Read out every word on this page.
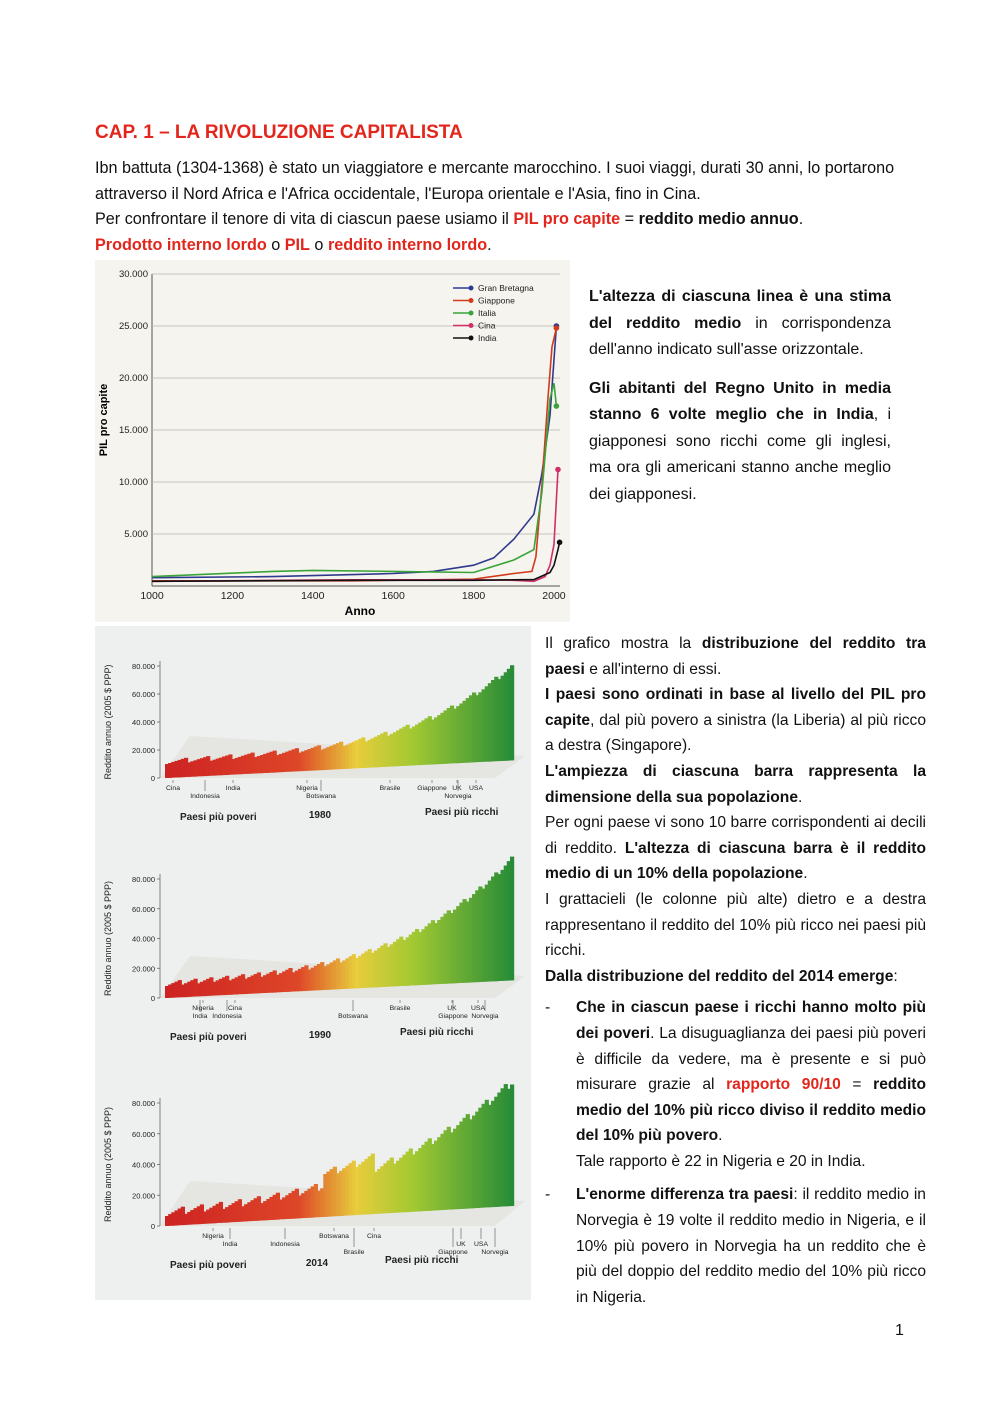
CAP. 1 – LA RIVOLUZIONE CAPITALISTA
Ibn battuta (1304-1368) è stato un viaggiatore e mercante marocchino. I suoi viaggi, durati 30 anni, lo portarono attraverso il Nord Africa e l'Africa occidentale, l'Europa orientale e l'Asia, fino in Cina.
Per confrontare il tenore di vita di ciascun paese usiamo il PIL pro capite = reddito medio annuo.
Prodotto interno lordo o PIL o reddito interno lordo.
5.000
10.000
15.000
20.000
25.000
30.000
1000	1200	1400	1600	1800	2000
Gran Bretagna
Giappone
Italia
Cina
India
PIL pro capite
Anno

L'altezza di ciascuna linea è una stima del reddito medio in corrispondenza dell'anno indicato sull'asse orizzontale.

Gli abitanti del Regno Unito in media stanno 6 volte meglio che in India, i giapponesi sono ricchi come gli inglesi, ma ora gli americani stanno anche meglio dei giapponesi.

0
20.000
40.000
60.000
80.000
Cina
Indonesia
India	Nigeria
Botswana
Brasile Giappone UK USA
Norvegia
Reddito annuo (2005 $ PPP)
Paesi più poveri	1980	Paesi più ricchi
0
20.000
40.000
60.000
80.000
Nigeria Cina
India Indonesia	Botswana
Brasile	UK
Giappone
USA
Norvegia
Reddito annuo (2005 $ PPP)
Paesi più poveri	1990	Paesi più ricchi
0
20.000
40.000
60.000
80.000
Nigeria
India	Indonesia
Botswana
Brasile
Cina
UK
Giappone
USA
Norvegia
Reddito annuo (2005 $ PPP)
Paesi più poveri	2014	Paesi più ricchi

Il grafico mostra la distribuzione del reddito tra paesi e all'interno di essi.

I paesi sono ordinati in base al livello del PIL pro capite, dal più povero a sinistra (la Liberia) al più ricco a destra (Singapore).

L'ampiezza di ciascuna barra rappresenta la dimensione della sua popolazione.

Per ogni paese vi sono 10 barre corrispondenti ai decili di reddito. L'altezza di ciascuna barra è il reddito medio di un 10% della popolazione.

I grattacieli (le colonne più alte) dietro e a destra rappresentano il reddito del 10% più ricco nei paesi più ricchi.

Dalla distribuzione del reddito del 2014 emerge:

- Che in ciascun paese i ricchi hanno molto più dei poveri. La disuguaglianza dei paesi più poveri è difficile da vedere, ma è presente e si può misurare grazie al rapporto 90/10 = reddito medio del 10% più ricco diviso il reddito medio del 10% più povero.
Tale rapporto è 22 in Nigeria e 20 in India.
- L'enorme differenza tra paesi: il reddito medio in Norvegia è 19 volte il reddito medio in Nigeria, e il 10% più povero in Norvegia ha un reddito che è più del doppio del reddito medio del 10% più ricco in Nigeria.
1
